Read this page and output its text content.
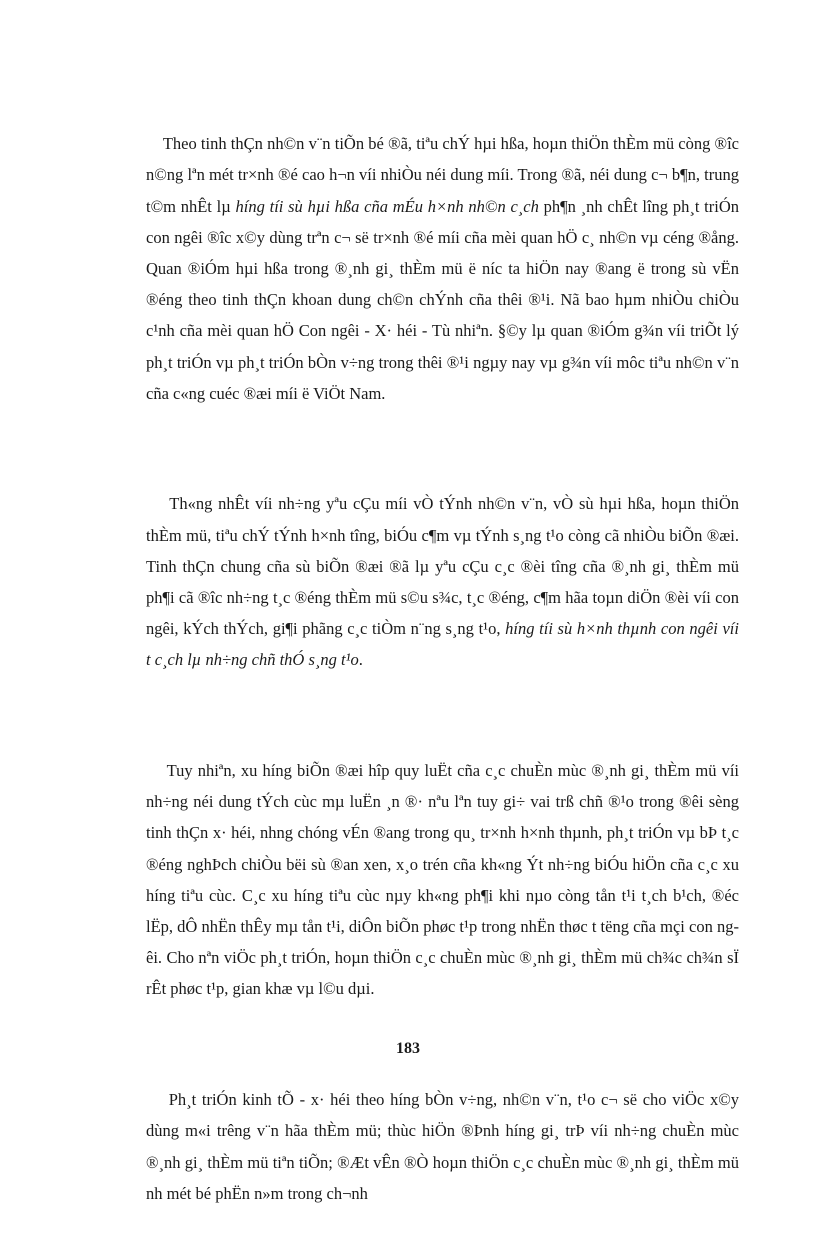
Theo tinh thÇn nh©n v¨n tiÕn bé ®ã, tiªu chÝ hµi hßa, hoµn thiÖn thÈm mü còng ®îc n©ng lªn mét tr×nh ®é cao h¬n víi nhiÒu néi dung míi. Trong ®ã, néi dung c¬ b¶n, trung t©m nhÊt lµ híng tíi sù hµi hßa cña mÉu h×nh nh©n c¸ch ph¶n ¸nh chÊt lîng ph¸t triÓn con ngêi ®îc x©y dùng trªn c¬ së tr×nh ®é míi cña mèi quan hÖ c¸ nh©n vµ céng ®ång. Quan ®iÓm hµi hßa trong ®¸nh gi¸ thÈm mü ë níc ta hiÖn nay ®ang ë trong sù vËn ®éng theo tinh thÇn khoan dung ch©n chÝnh cña thêi ®¹i. Nã bao hµm nhiÒu chiÒu c¹nh cña mèi quan hÖ Con ngêi - X· héi - Tù nhiªn. §©y lµ quan ®iÓm g¾n víi triÕt lý ph¸t triÓn vµ ph¸t triÓn bÒn v÷ng trong thêi ®¹i ngµy nay vµ g¾n víi môc tiªu nh©n v¨n cña c«ng cuéc ®æi míi ë ViÖt Nam.

Th«ng nhÊt víi nh÷ng yªu cÇu míi vÒ tÝnh nh©n v¨n, vÒ sù hµi hßa, hoµn thiÖn thÈm mü, tiªu chÝ tÝnh h×nh tîng, biÓu c¶m vµ tÝnh s¸ng t¹o còng cã nhiÒu biÕn ®æi. Tinh thÇn chung cña sù biÕn ®æi ®ã lµ yªu cÇu c¸c ®èi tîng cña ®¸nh gi¸ thÈm mü ph¶i cã ®îc nh÷ng t¸c ®éng thÈm mü s©u s¾c, t¸c ®éng, c¶m hãa toµn diÖn ®èi víi con ngêi, kÝch thÝch, gi¶i phãng c¸c tiÒm n¨ng s¸ng t¹o, híng tíi sù h×nh thµnh con ngêi víi t c¸ch lµ nh÷ng chñ thÓ s¸ng t¹o.

Tuy nhiªn, xu híng biÕn ®æi hîp quy luËt cña c¸c chuÈn mùc ®¸nh gi¸ thÈm mü víi nh÷ng néi dung tÝch cùc mµ luËn ¸n ®· nªu lªn tuy gi÷ vai trß chñ ®¹o trong ®êi sèng tinh thÇn x· héi, nhng chóng vÉn ®ang trong qu¸ tr×nh h×nh thµnh, ph¸t triÓn vµ bÞ t¸c ®éng nghÞch chiÒu bëi sù ®an xen, x¸o trén cña kh«ng Ýt nh÷ng biÓu hiÖn cña c¸c xu híng tiªu cùc. C¸c xu híng tiªu cùc nµy kh«ng ph¶i khi nµo còng tån t¹i t¸ch b¹ch, ®éc lËp, dÔ nhËn thÊy mµ tån t¹i, diÔn biÕn phøc t¹p trong nhËn thøc t tëng cña mçi con ngêi. Cho nªn viÖc ph¸t triÓn, hoµn thiÖn c¸c chuÈn mùc ®¸nh gi¸ thÈm mü ch¾c ch¾n sÏ rÊt phøc t¹p, gian khæ vµ l©u dµi.

Ph¸t triÓn kinh tÕ - x· héi theo híng bÒn v÷ng, nh©n v¨n, t¹o c¬ së cho viÖc x©y dùng m«i trêng v¨n hãa thÈm mü; thùc hiÖn ®Þnh híng gi¸ trÞ víi nh÷ng chuÈn mùc ®¸nh gi¸ thÈm mü tiªn tiÕn; ®Æt vÊn ®Ò hoµn thiÖn c¸c chuÈn mùc ®¸nh gi¸ thÈm mü nh mét bé phËn n»m trong ch¬nh

183
